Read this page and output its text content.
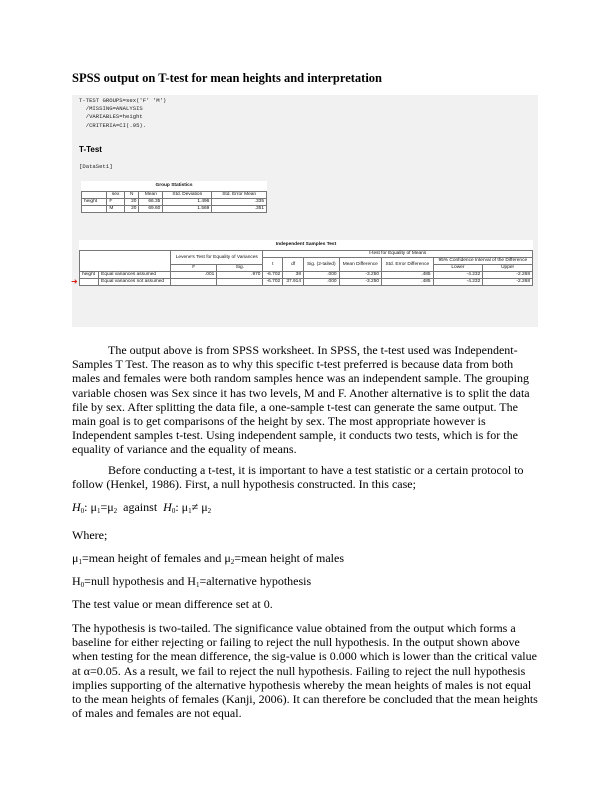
SPSS output on T-test for mean heights and interpretation
T-TEST GROUPS=sex('F' 'M')
/MISSING=ANALYSIS
/VARIABLES=height
/CRITERIA=CI(.95).
T-Test
[DataSet1]
Group Statistics					
	sex	N	Mean	Std. Deviation	Std. Error Mean
height	F	20	66.35	1.496	.335
	M	20	69.60	1.569	.351
➜
Independent Samples Test										
		Levene's Test for Equality of Variances		t-test for Equality of Means						
				t	df	Sig. (2-tailed)	Mean Difference	Std. Error Difference	95% Confidence Interval of the Difference	
		F	Sig.						Lower	Upper
height	Equal variances assumed	.001	.970	-6.702	38	.000	-3.250	.485	-4.232	-2.268
	Equal variances not assumed			-6.702	37.914	.000	-3.250	.485	-4.232	-2.268

The output above is from SPSS worksheet. In SPSS, the t-test used was Independent-Samples T Test. The reason as to why this specific t-test preferred is because data from both males and females were both random samples hence was an independent sample. The grouping variable chosen was Sex since it has two levels, M and F. Another alternative is to split the data file by sex. After splitting the data file, a one-sample t-test can generate the same output. The main goal is to get comparisons of the height by sex. The most appropriate however is Independent samples t-test. Using independent sample, it conducts two tests, which is for the equality of variance and the equality of means.

Before conducting a t-test, it is important to have a test statistic or a certain protocol to follow (Henkel, 1986). First, a null hypothesis constructed. In this case;

$H_0$: $\mu_1=\mu_2$ against $H_0$: $\mu_1\ne \mu_2$

Where;

$\mu_1=mean$ height of females and $\mu_2=mean$ height of males

$H_0=null$ hypothesis and $H_1=alternative$ hypothesis

The test value or mean difference set at 0.

The hypothesis is two-tailed. The significance value obtained from the output which forms a baseline for either rejecting or failing to reject the null hypothesis. In the output shown above when testing for the mean difference, the sig-value is 0.000 which is lower than the critical value at α=0.05. As a result, we fail to reject the null hypothesis. Failing to reject the null hypothesis implies supporting of the alternative hypothesis whereby the mean heights of males is not equal to the mean heights of females (Kanji, 2006). It can therefore be concluded that the mean heights of males and females are not equal.
